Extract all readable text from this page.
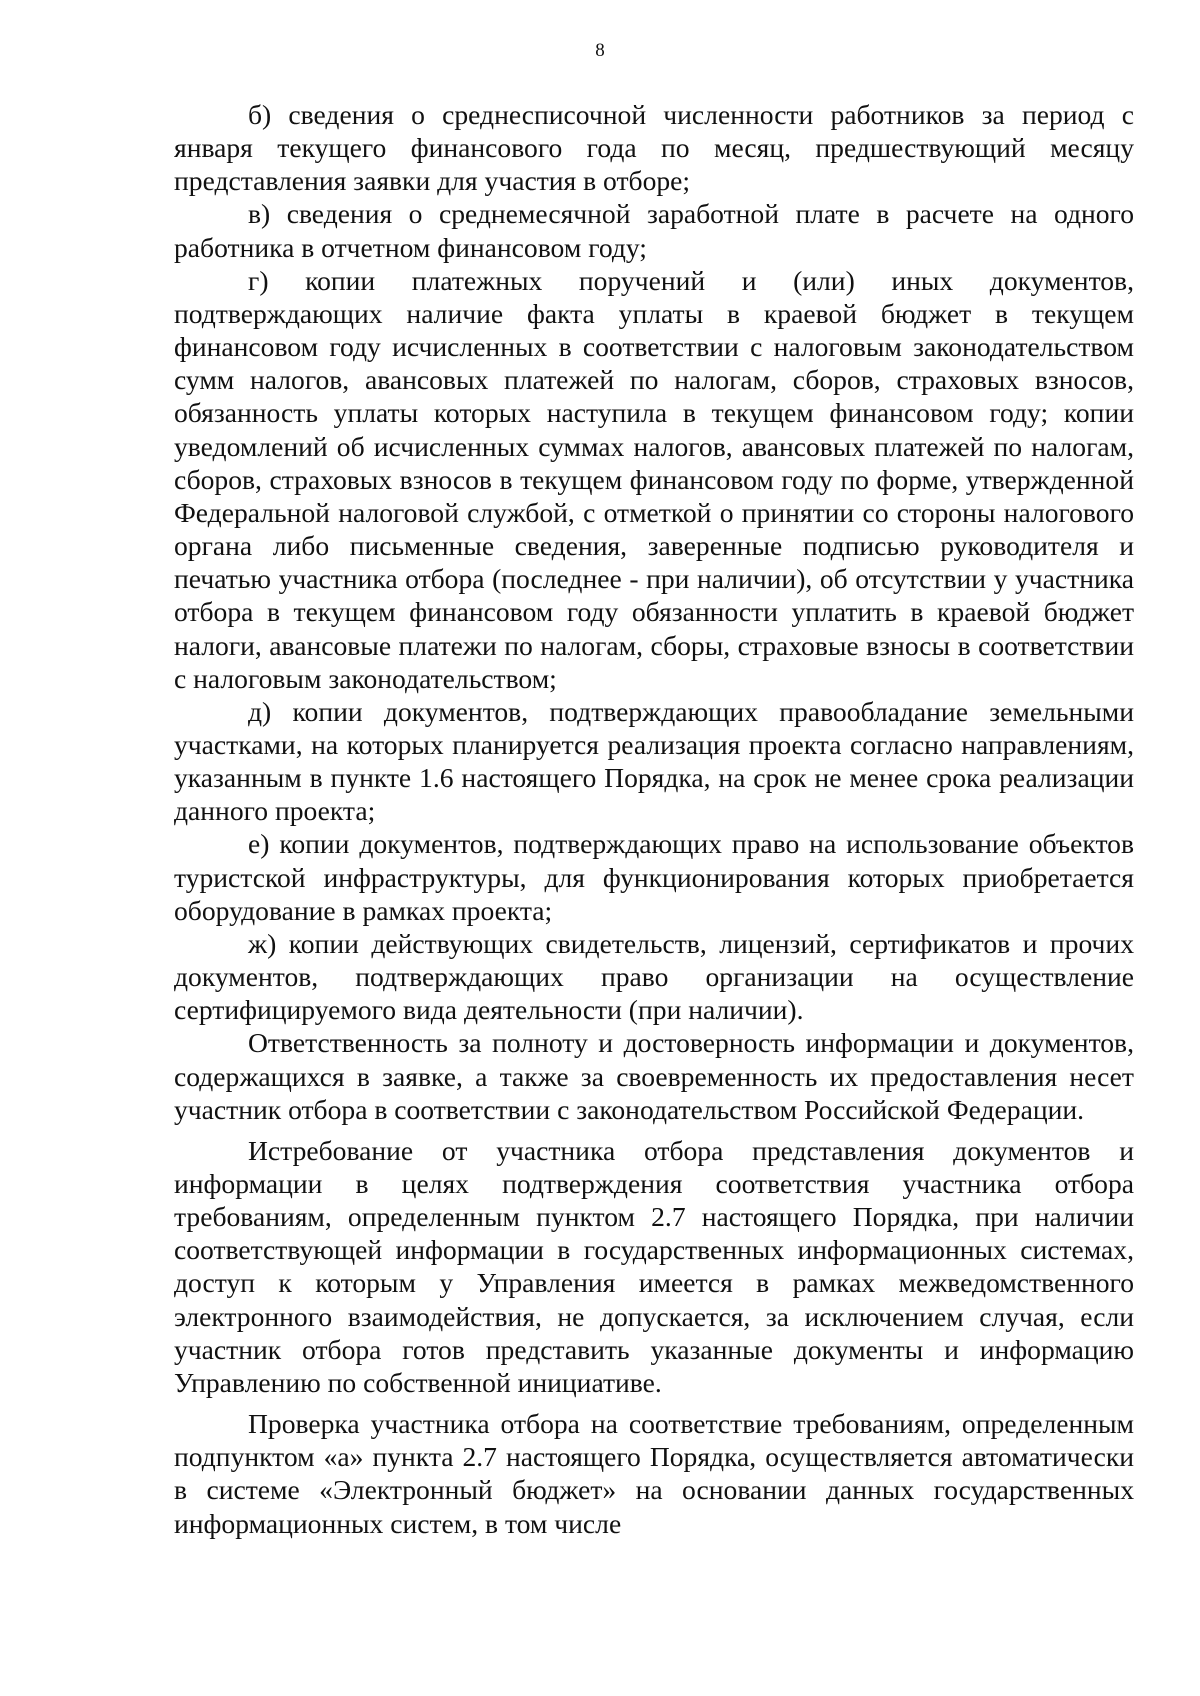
8

б) сведения о среднесписочной численности работников за период с января текущего финансового года по месяц, предшествующий месяцу представления заявки для участия в отборе;

в) сведения о среднемесячной заработной плате в расчете на одного работника в отчетном финансовом году;

г) копии платежных поручений и (или) иных документов, подтверждающих наличие факта уплаты в краевой бюджет в текущем финансовом году исчисленных в соответствии с налоговым законодательством сумм налогов, авансовых платежей по налогам, сборов, страховых взносов, обязанность уплаты которых наступила в текущем финансовом году; копии уведомлений об исчисленных суммах налогов, авансовых платежей по налогам, сборов, страховых взносов в текущем финансовом году по форме, утвержденной Федеральной налоговой службой, с отметкой о принятии со стороны налогового органа либо письменные сведения, заверенные подписью руководителя и печатью участника отбора (последнее - при наличии), об отсутствии у участника отбора в текущем финансовом году обязанности уплатить в краевой бюджет налоги, авансовые платежи по налогам, сборы, страховые взносы в соответствии с налоговым законодательством;

д) копии документов, подтверждающих правообладание земельными участками, на которых планируется реализация проекта согласно направлениям, указанным в пункте 1.6 настоящего Порядка, на срок не менее срока реализации данного проекта;

е) копии документов, подтверждающих право на использование объектов туристской инфраструктуры, для функционирования которых приобретается оборудование в рамках проекта;

ж) копии действующих свидетельств, лицензий, сертификатов и прочих документов, подтверждающих право организации на осуществление сертифицируемого вида деятельности (при наличии).

Ответственность за полноту и достоверность информации и документов, содержащихся в заявке, а также за своевременность их предоставления несет участник отбора в соответствии с законодательством Российской Федерации.

Истребование от участника отбора представления документов и информации в целях подтверждения соответствия участника отбора требованиям, определенным пунктом 2.7 настоящего Порядка, при наличии соответствующей информации в государственных информационных системах, доступ к которым у Управления имеется в рамках межведомственного электронного взаимодействия, не допускается, за исключением случая, если участник отбора готов представить указанные документы и информацию Управлению по собственной инициативе.

Проверка участника отбора на соответствие требованиям, определенным подпунктом «а» пункта 2.7 настоящего Порядка, осуществляется автоматически в системе «Электронный бюджет» на основании данных государственных информационных систем, в том числе
